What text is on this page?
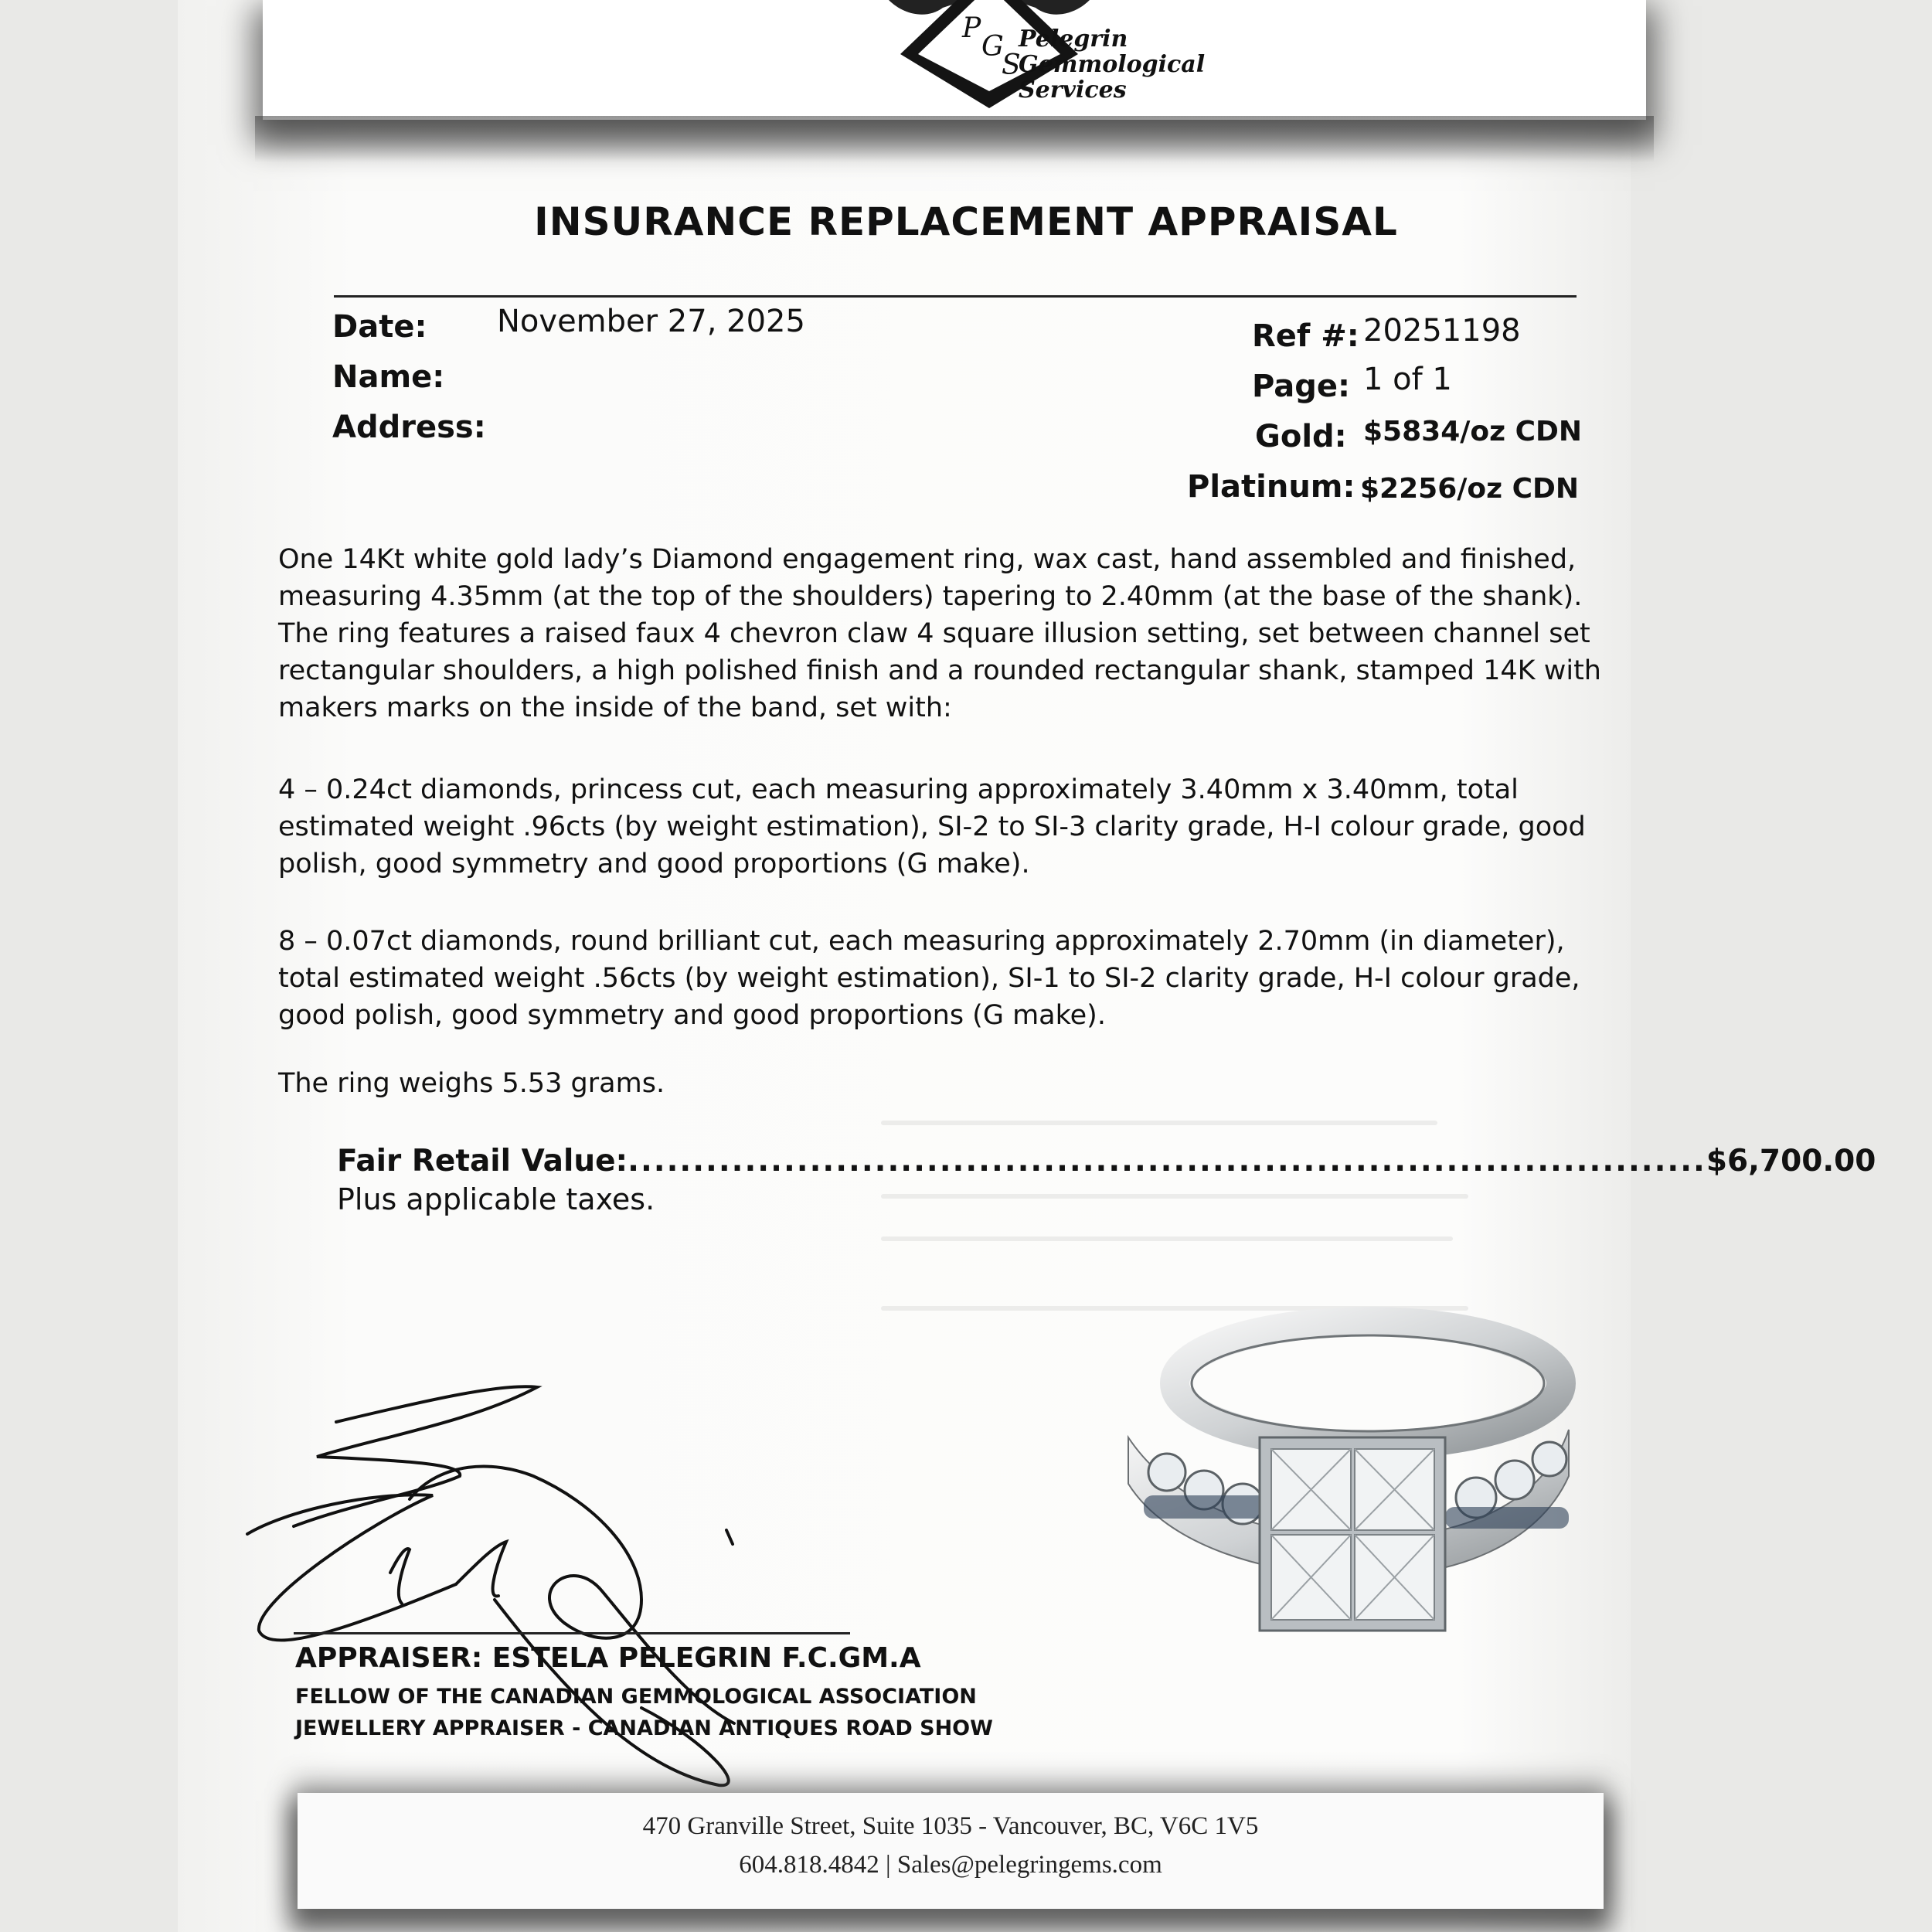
P
G
S
Pelegrin
Gemmological
Services
INSURANCE REPLACEMENT APPRAISAL
Date: November 27, 2025
Name:
Address:
Ref #: 20251198
Page: 1 of 1
Gold: $5834/oz CDN
Platinum: $2256/oz CDN

One 14Kt white gold lady’s Diamond engagement ring, wax cast, hand assembled and finished, measuring 4.35mm (at the top of the shoulders) tapering to 2.40mm (at the base of the shank). The ring features a raised faux 4 chevron claw 4 square illusion setting, set between channel set rectangular shoulders, a high polished finish and a rounded rectangular shank, stamped 14K with makers marks on the inside of the band, set with:

4 – 0.24ct diamonds, princess cut, each measuring approximately 3.40mm x 3.40mm, total estimated weight .96cts (by weight estimation), SI-2 to SI-3 clarity grade, H-I colour grade, good polish, good symmetry and good proportions (G make).

8 – 0.07ct diamonds, round brilliant cut, each measuring approximately 2.70mm (in diameter), total estimated weight .56cts (by weight estimation), SI-1 to SI-2 clarity grade, H-I colour grade, good polish, good symmetry and good proportions (G make).

The ring weighs 5.53 grams.

Fair Retail Value: ................................................................................... $6,700.00
Plus applicable taxes.
APPRAISER: ESTELA PELEGRIN F.C.GM.A
FELLOW OF THE CANADIAN GEMMOLOGICAL ASSOCIATION
JEWELLERY APPRAISER - CANADIAN ANTIQUES ROAD SHOW
470 Granville Street, Suite 1035 - Vancouver, BC, V6C 1V5
604.818.4842 | Sales@pelegringems.com
